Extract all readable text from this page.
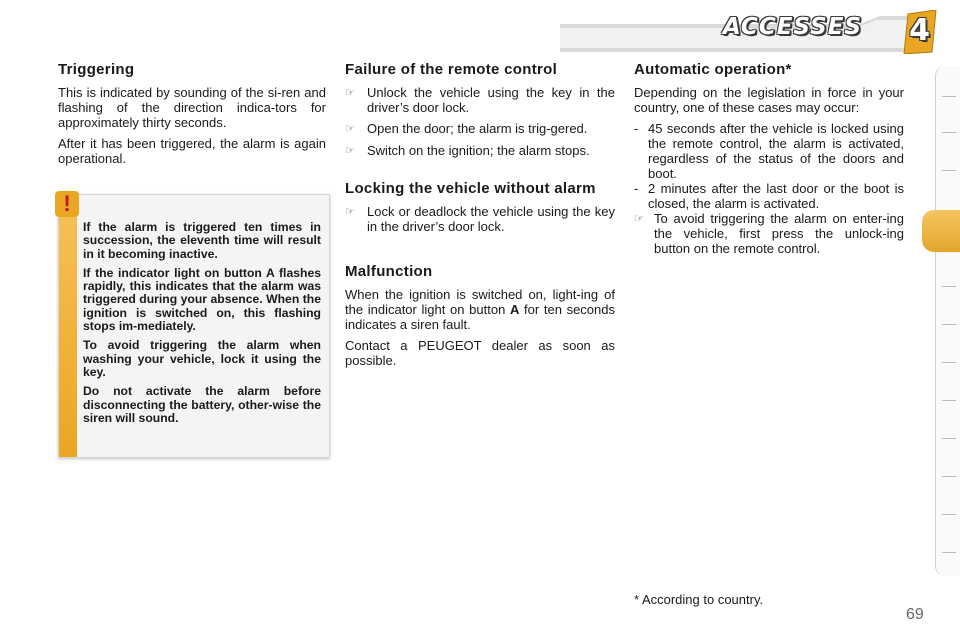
ACCESSES 4
Triggering

This is indicated by sounding of the si-ren and flashing of the direction indica-tors for approximately thirty seconds.

After it has been triggered, the alarm is again operational.

!

If the alarm is triggered ten times in succession, the eleventh time will result in it becoming inactive.

If the indicator light on button A flashes rapidly, this indicates that the alarm was triggered during your absence. When the ignition is switched on, this flashing stops im-mediately.

To avoid triggering the alarm when washing your vehicle, lock it using the key.

Do not activate the alarm before disconnecting the battery, other-wise the siren will sound.

Failure of the remote control
☞ Unlock the vehicle using the key in the driver’s door lock.
☞ Open the door; the alarm is trig-gered.
☞ Switch on the ignition; the alarm stops.
Locking the vehicle without alarm
☞ Lock or deadlock the vehicle using the key in the driver’s door lock.
Malfunction

When the ignition is switched on, light-ing of the indicator light on button A for ten seconds indicates a siren fault.

Contact a PEUGEOT dealer as soon as possible.

Automatic operation*

Depending on the legislation in force in your country, one of these cases may occur:

- 45 seconds after the vehicle is locked using the remote control, the alarm is activated, regardless of the status of the doors and boot.
- 2 minutes after the last door or the boot is closed, the alarm is activated.
☞ To avoid triggering the alarm on enter-ing the vehicle, first press the unlock-ing button on the remote control.
* According to country.
69
